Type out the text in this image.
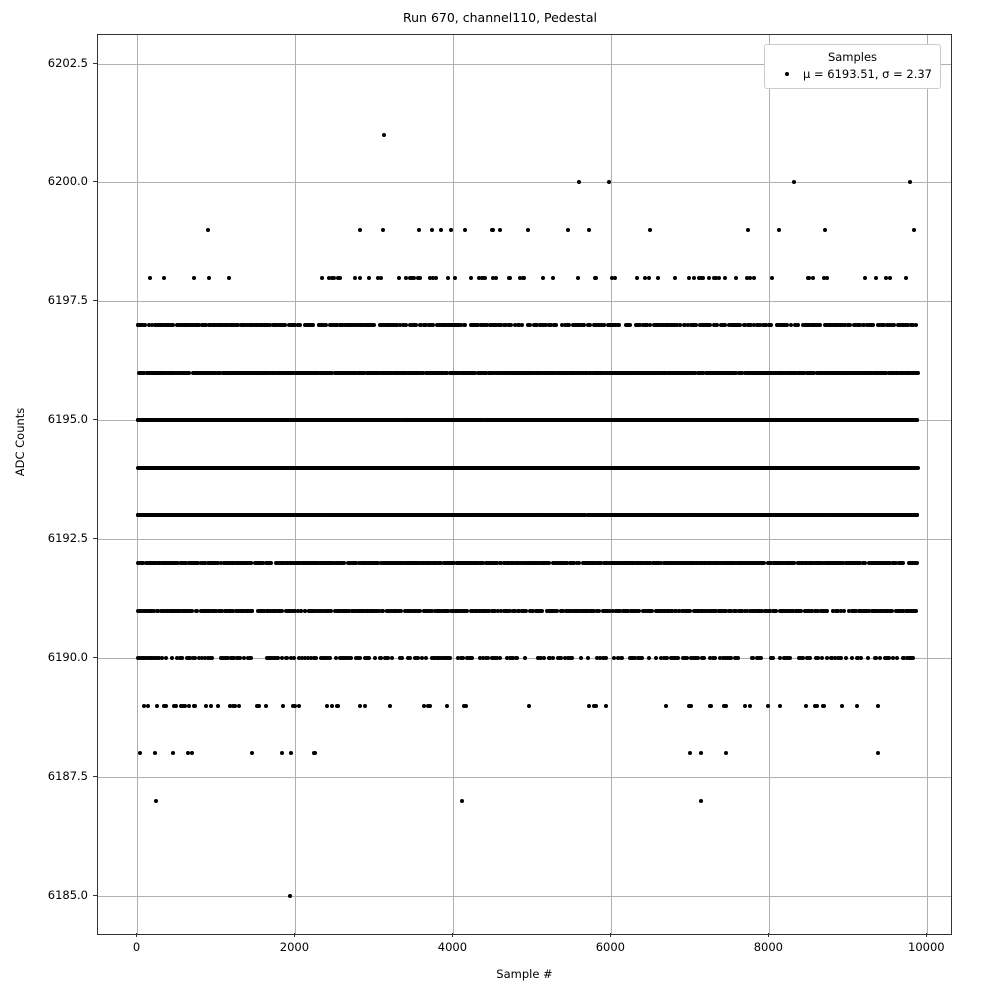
Run 670, channel110, Pedestal
Samples
μ = 6193.51, σ = 2.37
6185.0
6187.5
6190.0
6192.5
6195.0
6197.5
6200.0
6202.5
0	2000	4000	6000	8000	10000
Sample #
ADC Counts
